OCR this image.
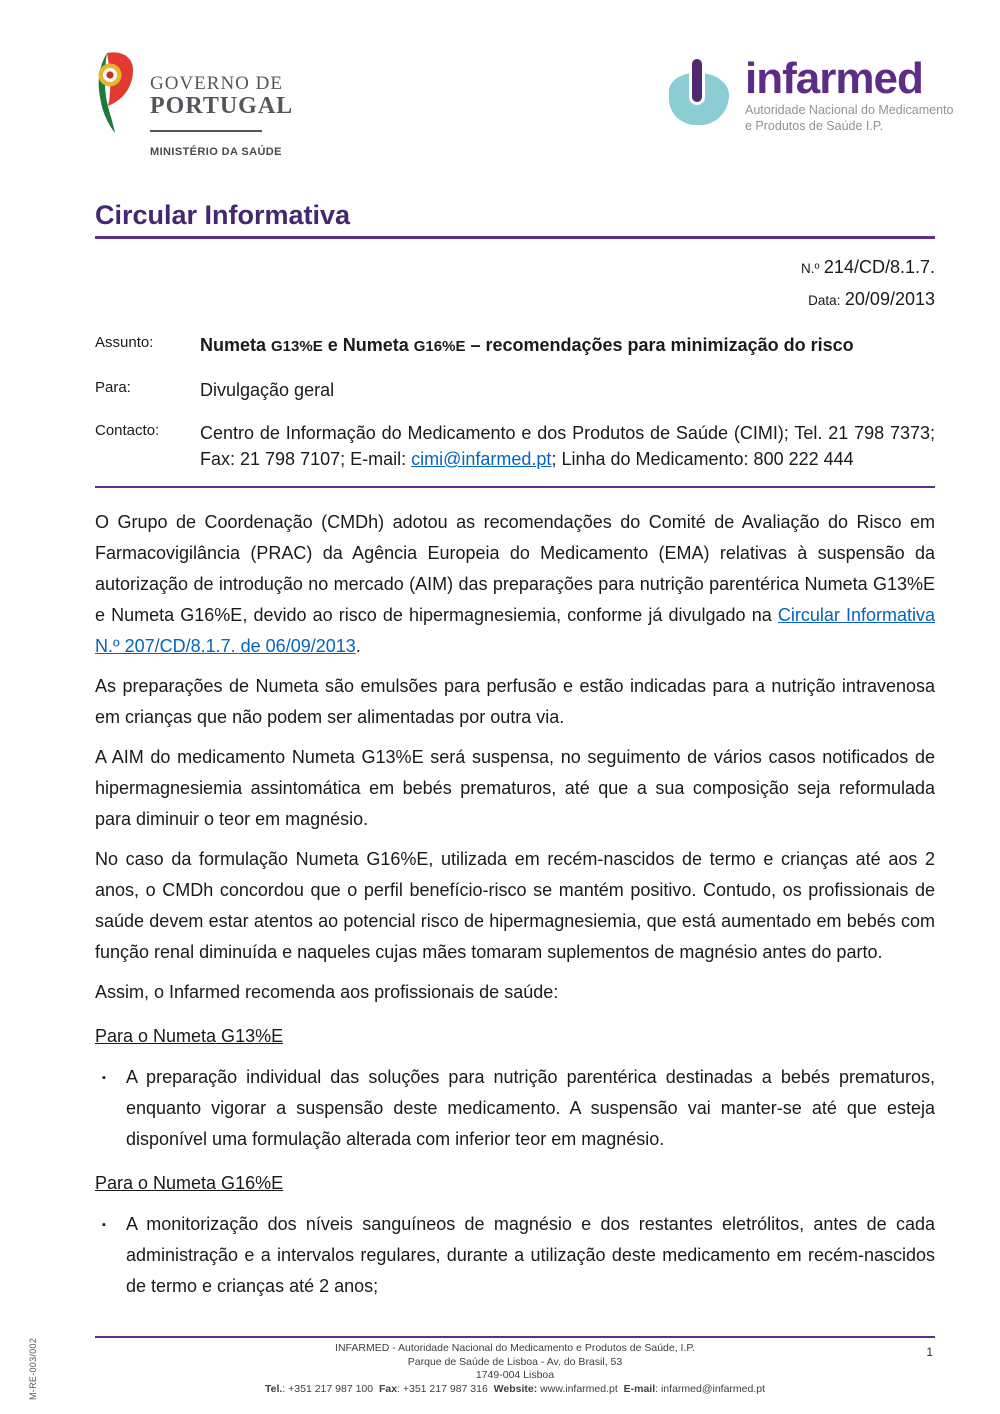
GOVERNO DE
PORTUGAL
MINISTÉRIO DA SAÚDE
infarmed
Autoridade Nacional do Medicamento
e Produtos de Saúde I.P.
Circular Informativa
N.º 214/CD/8.1.7.
Data: 20/09/2013
Assunto:	Numeta G13%E e Numeta G16%E – recomendações para minimização do risco
Para:	Divulgação geral
Contacto:	Centro de Informação do Medicamento e dos Produtos de Saúde (CIMI); Tel. 21 798 7373; Fax: 21 798 7107; E-mail: cimi@infarmed.pt; Linha do Medicamento: 800 222 444

O Grupo de Coordenação (CMDh) adotou as recomendações do Comité de Avaliação do Risco em Farmacovigilância (PRAC) da Agência Europeia do Medicamento (EMA) relativas à suspensão da autorização de introdução no mercado (AIM) das preparações para nutrição parentérica Numeta G13%E e Numeta G16%E, devido ao risco de hipermagnesiemia, conforme já divulgado na Circular Informativa N.º 207/CD/8.1.7. de 06/09/2013.

As preparações de Numeta são emulsões para perfusão e estão indicadas para a nutrição intravenosa em crianças que não podem ser alimentadas por outra via.

A AIM do medicamento Numeta G13%E será suspensa, no seguimento de vários casos notificados de hipermagnesiemia assintomática em bebés prematuros, até que a sua composição seja reformulada para diminuir o teor em magnésio.

No caso da formulação Numeta G16%E, utilizada em recém-nascidos de termo e crianças até aos 2 anos, o CMDh concordou que o perfil benefício-risco se mantém positivo. Contudo, os profissionais de saúde devem estar atentos ao potencial risco de hipermagnesiemia, que está aumentado em bebés com função renal diminuída e naqueles cujas mães tomaram suplementos de magnésio antes do parto.

Assim, o Infarmed recomenda aos profissionais de saúde:

Para o Numeta G13%E
▪ A preparação individual das soluções para nutrição parentérica destinadas a bebés prematuros, enquanto vigorar a suspensão deste medicamento. A suspensão vai manter-se até que esteja disponível uma formulação alterada com inferior teor em magnésio.
Para o Numeta G16%E
▪ A monitorização dos níveis sanguíneos de magnésio e dos restantes eletrólitos, antes de cada administração e a intervalos regulares, durante a utilização deste medicamento em recém-nascidos de termo e crianças até 2 anos;
INFARMED - Autoridade Nacional do Medicamento e Produtos de Saúde, I.P.
Parque de Saúde de Lisboa - Av. do Brasil, 53
1749-004 Lisboa
Tel.: +351 217 987 100 Fax: +351 217 987 316 Website: www.infarmed.pt E-mail: infarmed@infarmed.pt
1
M-RE-003/002
